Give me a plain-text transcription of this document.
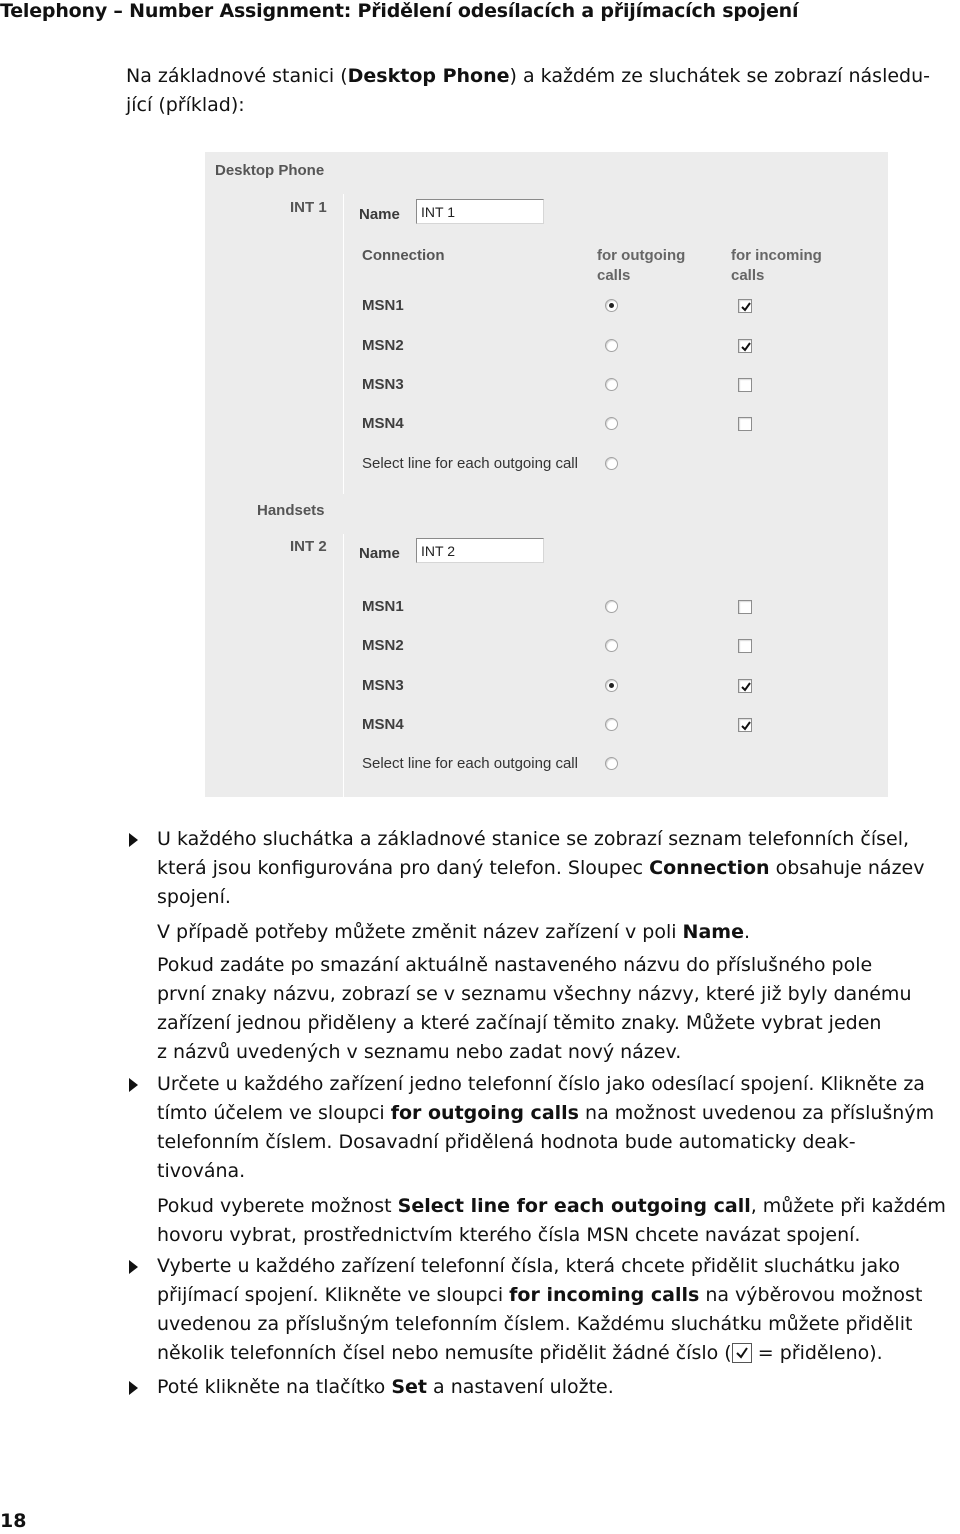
Telephony – Number Assignment: Přidělení odesílacích a přijímacích spojení
Na základnové stanici (Desktop Phone) a každém ze sluchátek se zobrazí následu-
jící (příklad):
Desktop Phone
INT 1 Name
INT 1
Connection	for outgoing
calls
for incoming
calls
MSN1
MSN2
MSN3
MSN4
Select line for each outgoing call
Handsets
INT 2 Name
INT 2
MSN1
MSN2
MSN3
MSN4
Select line for each outgoing call

U každého sluchátka a základnové stanice se zobrazí seznam telefonních čísel,

která jsou konfigurována pro daný telefon. Sloupec Connection obsahuje název

spojení.

V případě potřeby můžete změnit název zařízení v poli Name.

Pokud zadáte po smazání aktuálně nastaveného názvu do příslušného pole

první znaky názvu, zobrazí se v seznamu všechny názvy, které již byly danému

zařízení jednou přiděleny a které začínají těmito znaky. Můžete vybrat jeden

z názvů uvedených v seznamu nebo zadat nový název.

Určete u každého zařízení jedno telefonní číslo jako odesílací spojení. Klikněte za

tímto účelem ve sloupci for outgoing calls na možnost uvedenou za příslušným

telefonním číslem. Dosavadní přidělená hodnota bude automaticky deak-

tivována.

Pokud vyberete možnost Select line for each outgoing call, můžete při každém

hovoru vybrat, prostřednictvím kterého čísla MSN chcete navázat spojení.

Vyberte u každého zařízení telefonní čísla, která chcete přidělit sluchátku jako

přijímací spojení. Klikněte ve sloupci for incoming calls na výběrovou možnost

uvedenou za příslušným telefonním číslem. Každému sluchátku můžete přidělit

několik telefonních čísel nebo nemusíte přidělit žádné číslo (
= přiděleno).

Poté klikněte na tlačítko Set a nastavení uložte.

18
